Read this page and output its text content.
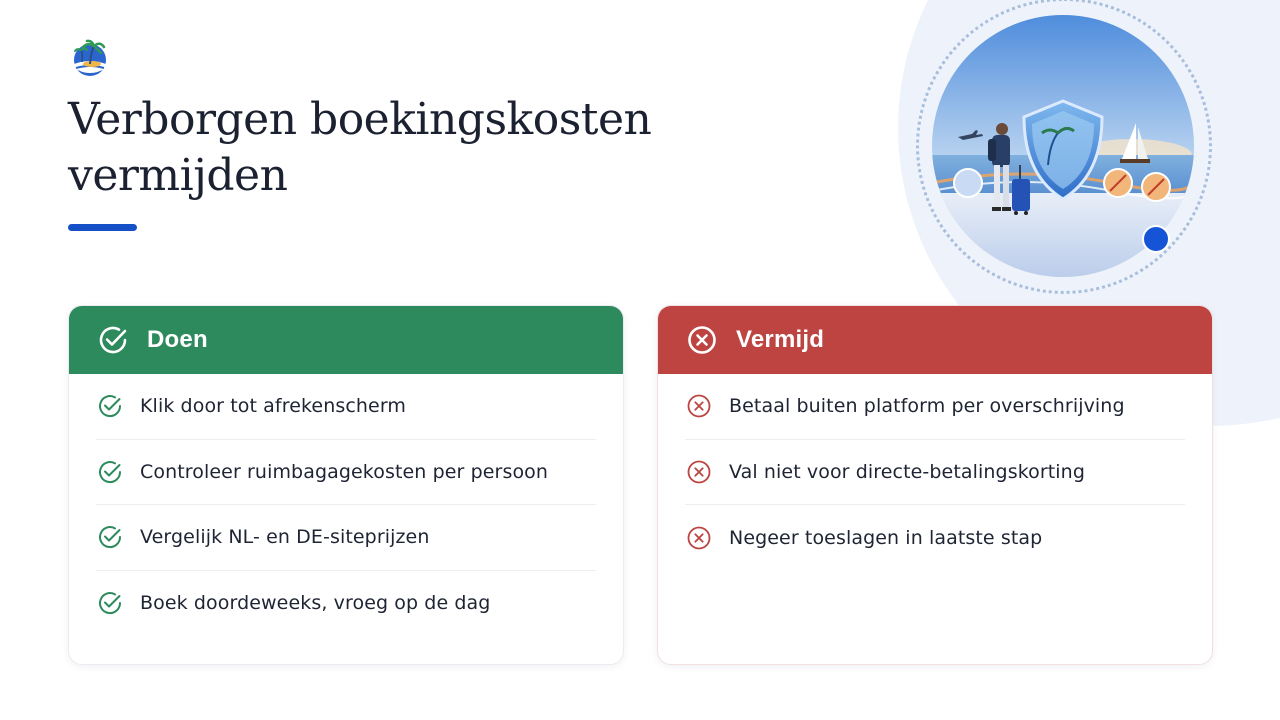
Verborgen boekingskosten
vermijden
Doen
Klik door tot afrekenscherm
Controleer ruimbagagekosten per persoon
Vergelijk NL- en DE-siteprijzen
Boek doordeweeks, vroeg op de dag
Vermijd
Betaal buiten platform per overschrijving
Val niet voor directe-betalingskorting
Negeer toeslagen in laatste stap
